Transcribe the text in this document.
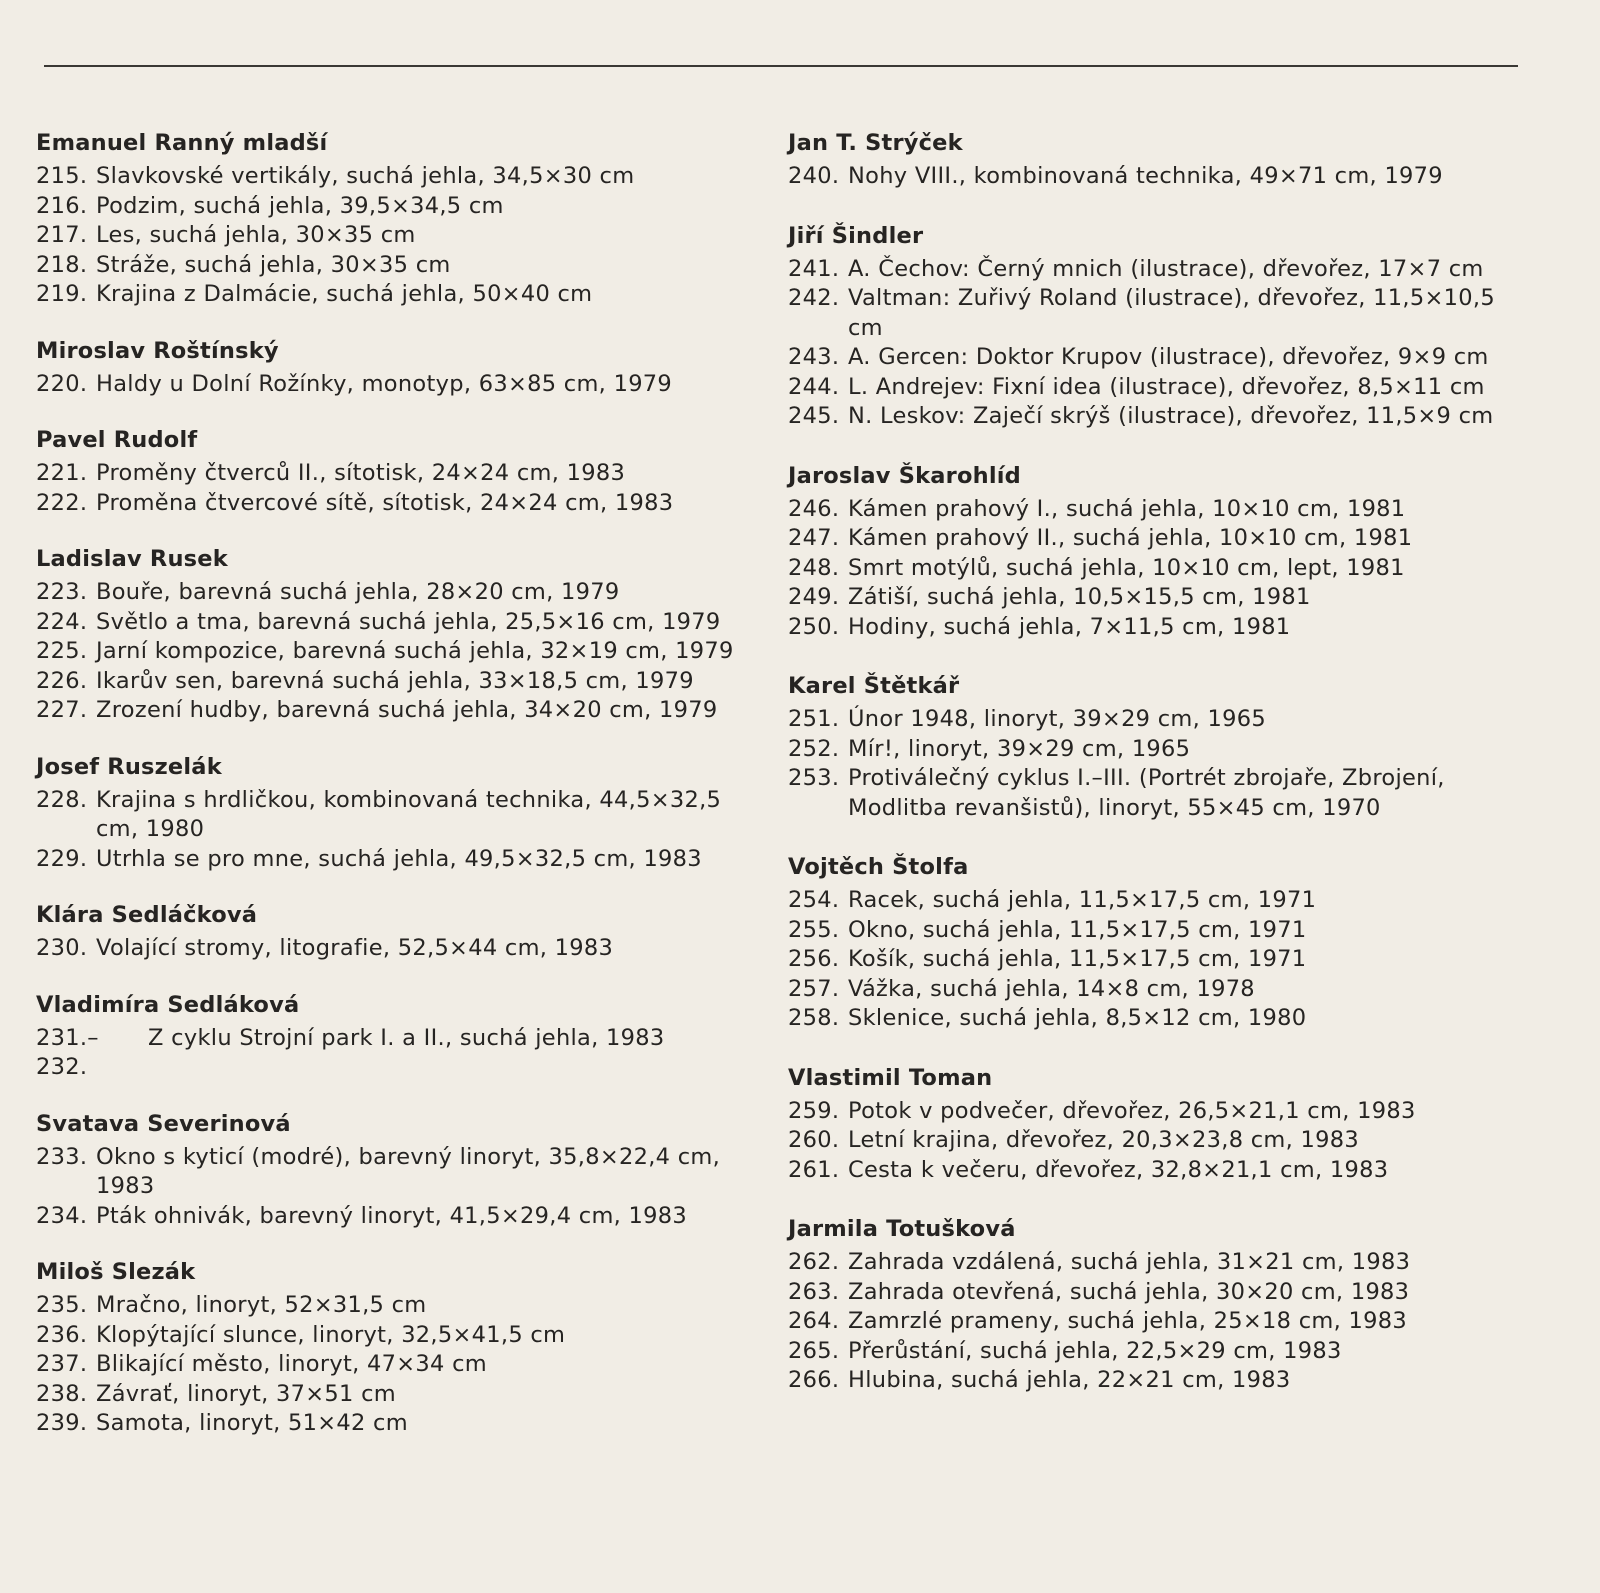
Emanuel Ranný mladší
215. Slavkovské vertikály, suchá jehla, 34,5×30 cm
216. Podzim, suchá jehla, 39,5×34,5 cm
217. Les, suchá jehla, 30×35 cm
218. Stráže, suchá jehla, 30×35 cm
219. Krajina z Dalmácie, suchá jehla, 50×40 cm
Miroslav Roštínský
220. Haldy u Dolní Rožínky, monotyp, 63×85 cm, 1979
Pavel Rudolf
221. Proměny čtverců II., sítotisk, 24×24 cm, 1983
222. Proměna čtvercové sítě, sítotisk, 24×24 cm, 1983
Ladislav Rusek
223. Bouře, barevná suchá jehla, 28×20 cm, 1979
224. Světlo a tma, barevná suchá jehla, 25,5×16 cm, 1979
225. Jarní kompozice, barevná suchá jehla, 32×19 cm, 1979
226. Ikarův sen, barevná suchá jehla, 33×18,5 cm, 1979
227. Zrození hudby, barevná suchá jehla, 34×20 cm, 1979
Josef Ruszelák
228. Krajina s hrdličkou, kombinovaná technika, 44,5×32,5 cm, 1980
229. Utrhla se pro mne, suchá jehla, 49,5×32,5 cm, 1983
Klára Sedláčková
230. Volající stromy, litografie, 52,5×44 cm, 1983
Vladimíra Sedláková
231.–232.
Z cyklu Strojní park I. a II., suchá jehla, 1983
Svatava Severinová
233. Okno s kyticí (modré), barevný linoryt, 35,8×22,4 cm, 1983
234. Pták ohnivák, barevný linoryt, 41,5×29,4 cm, 1983
Miloš Slezák
235. Mračno, linoryt, 52×31,5 cm
236. Klopýtající slunce, linoryt, 32,5×41,5 cm
237. Blikající město, linoryt, 47×34 cm
238. Závrať, linoryt, 37×51 cm
239. Samota, linoryt, 51×42 cm
Jan T. Strýček
240. Nohy VIII., kombinovaná technika, 49×71 cm, 1979
Jiří Šindler
241. A. Čechov: Černý mnich (ilustrace), dřevořez, 17×7 cm
242. Valtman: Zuřivý Roland (ilustrace), dřevořez, 11,5×10,5 cm
243. A. Gercen: Doktor Krupov (ilustrace), dřevořez, 9×9 cm
244. L. Andrejev: Fixní idea (ilustrace), dřevořez, 8,5×11 cm
245. N. Leskov: Zaječí skrýš (ilustrace), dřevořez, 11,5×9 cm
Jaroslav Škarohlíd
246. Kámen prahový I., suchá jehla, 10×10 cm, 1981
247. Kámen prahový II., suchá jehla, 10×10 cm, 1981
248. Smrt motýlů, suchá jehla, 10×10 cm, lept, 1981
249. Zátiší, suchá jehla, 10,5×15,5 cm, 1981
250. Hodiny, suchá jehla, 7×11,5 cm, 1981
Karel Štětkář
251. Únor 1948, linoryt, 39×29 cm, 1965
252. Mír!, linoryt, 39×29 cm, 1965
253. Protiválečný cyklus I.–III. (Portrét zbrojaře, Zbrojení, Modlitba revanšistů), linoryt, 55×45 cm, 1970
Vojtěch Štolfa
254. Racek, suchá jehla, 11,5×17,5 cm, 1971
255. Okno, suchá jehla, 11,5×17,5 cm, 1971
256. Košík, suchá jehla, 11,5×17,5 cm, 1971
257. Vážka, suchá jehla, 14×8 cm, 1978
258. Sklenice, suchá jehla, 8,5×12 cm, 1980
Vlastimil Toman
259. Potok v podvečer, dřevořez, 26,5×21,1 cm, 1983
260. Letní krajina, dřevořez, 20,3×23,8 cm, 1983
261. Cesta k večeru, dřevořez, 32,8×21,1 cm, 1983
Jarmila Totušková
262. Zahrada vzdálená, suchá jehla, 31×21 cm, 1983
263. Zahrada otevřená, suchá jehla, 30×20 cm, 1983
264. Zamrzlé prameny, suchá jehla, 25×18 cm, 1983
265. Přerůstání, suchá jehla, 22,5×29 cm, 1983
266. Hlubina, suchá jehla, 22×21 cm, 1983
